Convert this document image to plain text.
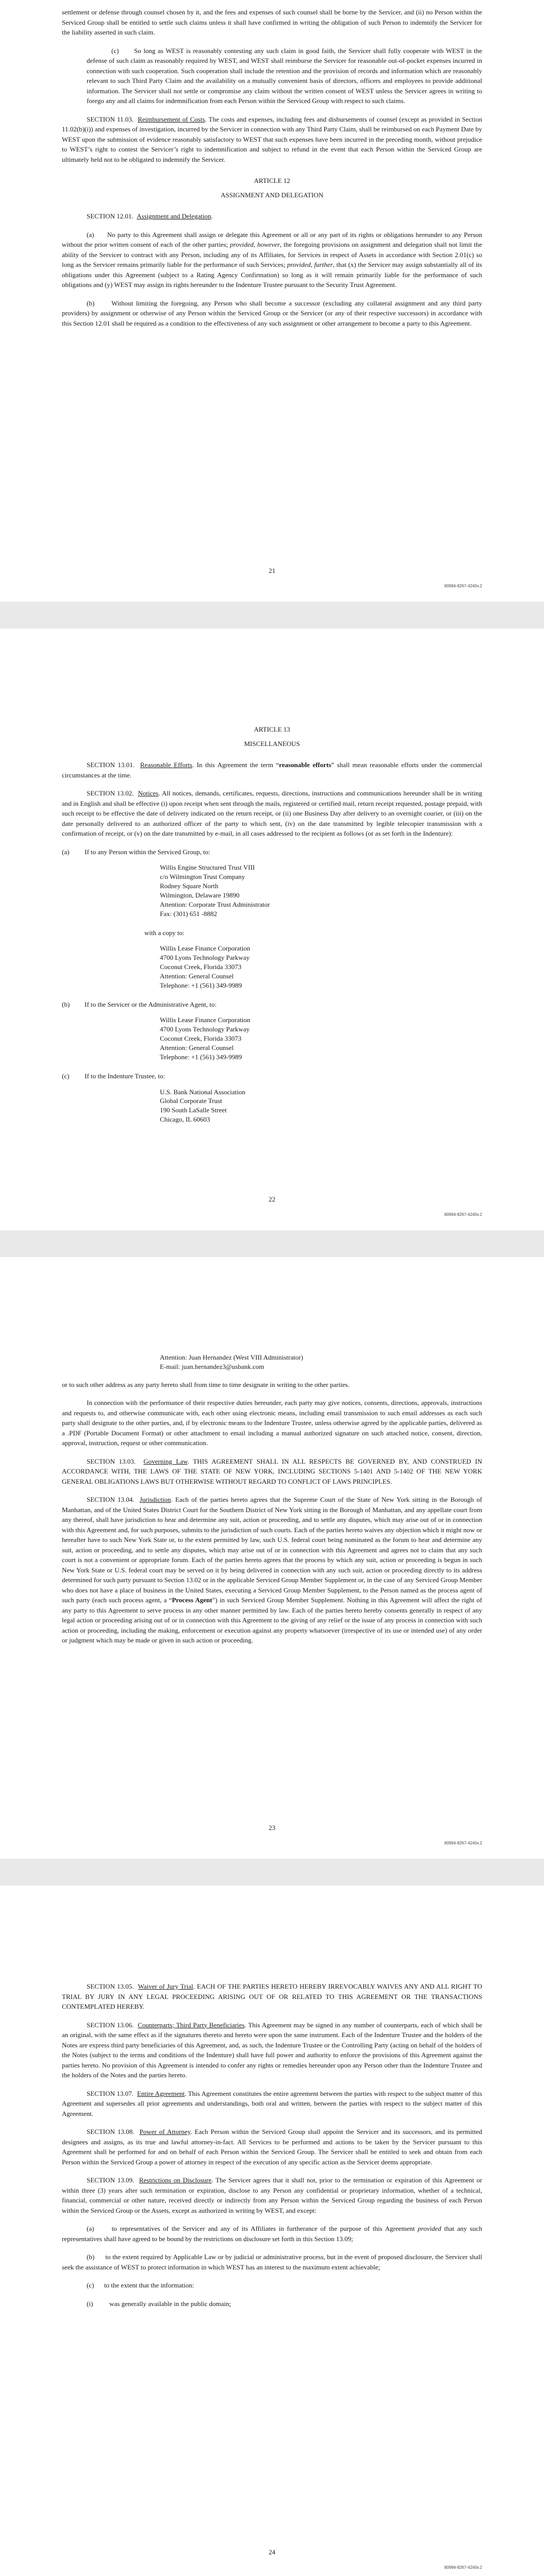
settlement or defense through counsel chosen by it, and the fees and expenses of such counsel shall be borne by the Servicer, and (ii) no Person within the Serviced Group shall be entitled to settle such claims unless it shall have confirmed in writing the obligation of such Person to indemnify the Servicer for the liability asserted in such claim.

(c) So long as WEST is reasonably contesting any such claim in good faith, the Servicer shall fully cooperate with WEST in the defense of such claim as reasonably required by WEST, and WEST shall reimburse the Servicer for reasonable out-of-pocket expenses incurred in connection with such cooperation. Such cooperation shall include the retention and the provision of records and information which are reasonably relevant to such Third Party Claim and the availability on a mutually convenient basis of directors, officers and employees to provide additional information. The Servicer shall not settle or compromise any claim without the written consent of WEST unless the Servicer agrees in writing to forego any and all claims for indemnification from each Person within the Serviced Group with respect to such claims.

SECTION 11.03. Reimbursement of Costs. The costs and expenses, including fees and disbursements of counsel (except as provided in Section 11.02(b)(i)) and expenses of investigation, incurred by the Servicer in connection with any Third Party Claim, shall be reimbursed on each Payment Date by WEST upon the submission of evidence reasonably satisfactory to WEST that such expenses have been incurred in the preceding month, without prejudice to WEST’s right to contest the Servicer’s right to indemnification and subject to refund in the event that each Person within the Serviced Group are ultimately held not to be obligated to indemnify the Servicer.

ARTICLE 12
ASSIGNMENT AND DELEGATION

SECTION 12.01. Assignment and Delegation.

(a) No party to this Agreement shall assign or delegate this Agreement or all or any part of its rights or obligations hereunder to any Person without the prior written consent of each of the other parties; provided, however, the foregoing provisions on assignment and delegation shall not limit the ability of the Servicer to contract with any Person, including any of its Affiliates, for Services in respect of Assets in accordance with Section 2.01(c) so long as the Servicer remains primarily liable for the performance of such Services; provided, further, that (x) the Servicer may assign substantially all of its obligations under this Agreement (subject to a Rating Agency Confirmation) so long as it will remain primarily liable for the performance of such obligations and (y) WEST may assign its rights hereunder to the Indenture Trustee pursuant to the Security Trust Agreement.

(b)	Without limiting the foregoing, any Person who shall become a successor (excluding any collateral assignment and any third party providers) by assignment or otherwise of any Person within the Serviced Group or the Servicer (or any of their respective successors) in accordance with this Section 12.01 shall be required as a condition to the effectiveness of any such assignment or other arrangement to become a party to this Agreement.

21
80994-8267-4240v.2
ARTICLE 13
MISCELLANEOUS

SECTION 13.01. Reasonable Efforts. In this Agreement the term “reasonable efforts” shall mean reasonable efforts under the commercial circumstances at the time.

SECTION 13.02. Notices. All notices, demands, certificates, requests, directions, instructions and communications hereunder shall be in writing and in English and shall be effective (i) upon receipt when sent through the mails, registered or certified mail, return receipt requested, postage prepaid, with such receipt to be effective the date of delivery indicated on the return receipt, or (ii) one Business Day after delivery to an overnight courier, or (iii) on the date personally delivered to an authorized officer of the party to which sent, (iv) on the date transmitted by legible telecopier transmission with a confirmation of receipt, or (v) on the date transmitted by e-mail, in all cases addressed to the recipient as follows (or as set forth in the Indenture):

(a) If to any Person within the Serviced Group, to:
Willis Engine Structured Trust VIII
c/o Wilmington Trust Company
Rodney Square North
Wilmington, Delaware 19890
Attention: Corporate Trust Administrator
Fax: (301) 651 -8882
with a copy to:
Willis Lease Finance Corporation
4700 Lyons Technology Parkway
Coconut Creek, Florida 33073
Attention: General Counsel
Telephone: +1 (561) 349-9989
(b) If to the Servicer or the Administrative Agent, to:
Willis Lease Finance Corporation
4700 Lyons Technology Parkway
Coconut Creek, Florida 33073
Attention: General Counsel
Telephone: +1 (561) 349-9989
(c) If to the Indenture Trustee, to:
U.S. Bank National Association
Global Corporate Trust
190 South LaSalle Street
Chicago, IL 60603
22
80994-8267-4240v.2
Attention: Juan Hernandez (West VIII Administrator)
E-mail: juan.hernandez3@usbank.com

or to such other address as any party hereto shall from time to time designate in writing to the other parties.

In connection with the performance of their respective duties hereunder, each party may give notices, consents, directions, approvals, instructions and requests to, and otherwise communicate with, each other using electronic means, including email transmission to such email addresses as each such party shall designate to the other parties, and, if by electronic means to the Indenture Trustee, unless otherwise agreed by the applicable parties, delivered as a .PDF (Portable Document Format) or other attachment to email including a manual authorized signature on such attached notice, consent, direction, approval, instruction, request or other communication.

SECTION 13.03. Governing Law. THIS AGREEMENT SHALL IN ALL RESPECTS BE GOVERNED BY, AND CONSTRUED IN ACCORDANCE WITH, THE LAWS OF THE STATE OF NEW YORK, INCLUDING SECTIONS 5-1401 AND 5-1402 OF THE NEW YORK GENERAL OBLIGATIONS LAWS BUT OTHERWISE WITHOUT REGARD TO CONFLICT OF LAWS PRINCIPLES.

SECTION 13.04. Jurisdiction. Each of the parties hereto agrees that the Supreme Court of the State of New York sitting in the Borough of Manhattan, and of the United States District Court for the Southern District of New York sitting in the Borough of Manhattan, and any appellate court from any thereof, shall have jurisdiction to hear and determine any suit, action or proceeding, and to settle any disputes, which may arise out of or in connection with this Agreement and, for such purposes, submits to the jurisdiction of such courts. Each of the parties hereto waives any objection which it might now or hereafter have to such New York State or, to the extent permitted by law, such U.S. federal court being nominated as the forum to hear and determine any suit, action or proceeding, and to settle any disputes, which may arise out of or in connection with this Agreement and agrees not to claim that any such court is not a convenient or appropriate forum. Each of the parties hereto agrees that the process by which any suit, action or proceeding is begun in such New York State or U.S. federal court may be served on it by being delivered in connection with any such suit, action or proceeding directly to its address determined for such party pursuant to Section 13.02 or in the applicable Serviced Group Member Supplement or, in the case of any Serviced Group Member who does not have a place of business in the United States, executing a Serviced Group Member Supplement, to the Person named as the process agent of such party (each such process agent, a “Process Agent”) in such Serviced Group Member Supplement. Nothing in this Agreement will affect the right of any party to this Agreement to serve process in any other manner permitted by law. Each of the parties hereto hereby consents generally in respect of any legal action or proceeding arising out of or in connection with this Agreement to the giving of any relief or the issue of any process in connection with such action or proceeding, including the making, enforcement or execution against any property whatsoever (irrespective of its use or intended use) of any order or judgment which may be made or given in such action or proceeding.

23
80994-8267-4240v.2

SECTION 13.05. Waiver of Jury Trial. EACH OF THE PARTIES HERETO HEREBY IRREVOCABLY WAIVES ANY AND ALL RIGHT TO TRIAL BY JURY IN ANY LEGAL PROCEEDING ARISING OUT OF OR RELATED TO THIS AGREEMENT OR THE TRANSACTIONS CONTEMPLATED HEREBY.

SECTION 13.06. Counterparts; Third Party Beneficiaries. This Agreement may be signed in any number of counterparts, each of which shall be an original, with the same effect as if the signatures thereto and hereto were upon the same instrument. Each of the Indenture Trustee and the holders of the Notes are express third party beneficiaries of this Agreement, and, as such, the Indenture Trustee or the Controlling Party (acting on behalf of the holders of the Notes (subject to the terms and conditions of the Indenture) shall have full power and authority to enforce the provisions of this Agreement against the parties hereto. No provision of this Agreement is intended to confer any rights or remedies hereunder upon any Person other than the Indenture Trustee and the holders of the Notes and the parties hereto.

SECTION 13.07. Entire Agreement. This Agreement constitutes the entire agreement between the parties with respect to the subject matter of this Agreement and supersedes all prior agreements and understandings, both oral and written, between the parties with respect to the subject matter of this Agreement.

SECTION 13.08. Power of Attorney. Each Person within the Serviced Group shall appoint the Servicer and its successors, and its permitted designees and assigns, as its true and lawful attorney-in-fact. All Services to be performed and actions to be taken by the Servicer pursuant to this Agreement shall be performed for and on behalf of each Person within the Serviced Group. The Servicer shall be entitled to seek and obtain from each Person within the Serviced Group a power of attorney in respect of the execution of any specific action as the Servicer deems appropriate.

SECTION 13.09. Restrictions on Disclosure. The Servicer agrees that it shall not, prior to the termination or expiration of this Agreement or within three (3) years after such termination or expiration, disclose to any Person any confidential or proprietary information, whether of a technical, financial, commercial or other nature, received directly or indirectly from any Person within the Serviced Group regarding the business of each Person within the Serviced Group or the Assets, except as authorized in writing by WEST, and except:

(a)	to representatives of the Servicer and any of its Affiliates in furtherance of the purpose of this Agreement provided that any such representatives shall have agreed to be bound by the restrictions on disclosure set forth in this Section 13.09;

(b) to the extent required by Applicable Law or by judicial or administrative process, but in the event of proposed disclosure, the Servicer shall seek the assistance of WEST to protect information in which WEST has an interest to the maximum extent achievable;

(c) to the extent that the information:

(i) was generally available in the public domain;
24
80994-8267-4240v.2
